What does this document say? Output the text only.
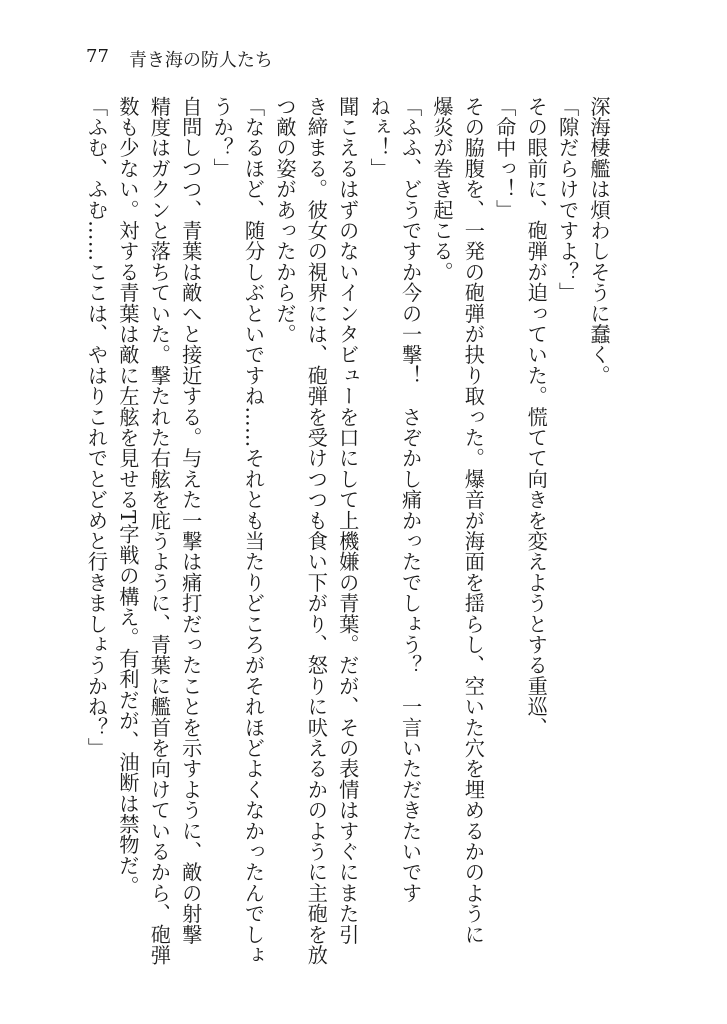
77 青き海の防人たち

深海棲艦は煩わしそうに蠢く。

「隙だらけですよ？」

その眼前に、砲弾が迫っていた。慌てて向きを変えようとする重巡、

「命中っ！」

その脇腹を、一発の砲弾が抉り取った。爆音が海面を揺らし、空いた穴を埋めるかのように

爆炎が巻き起こる。

「ふふ、どうですか今の一撃！　さぞかし痛かったでしょう？　一言いただきたいです

ねぇ！」

聞こえるはずのないインタビューを口にして上機嫌の青葉。だが、その表情はすぐにまた引

き締まる。彼女の視界には、砲弾を受けつつも食い下がり、怒りに吠えるかのように主砲を放

つ敵の姿があったからだ。

「なるほど、随分しぶといですね……それとも当たりどころがそれほどよくなかったんでしょ

うか？」

自問しつつ、青葉は敵へと接近する。与えた一撃は痛打だったことを示すように、敵の射撃

精度はガクンと落ちていた。撃たれた右舷を庇うように、青葉に艦首を向けているから、砲弾

数も少ない。対する青葉は敵に左舷を見せるT字戦の構え。有利だが、油断は禁物だ。

「ふむ、ふむ……ここは、やはりこれでとどめと行きましょうかね？」
